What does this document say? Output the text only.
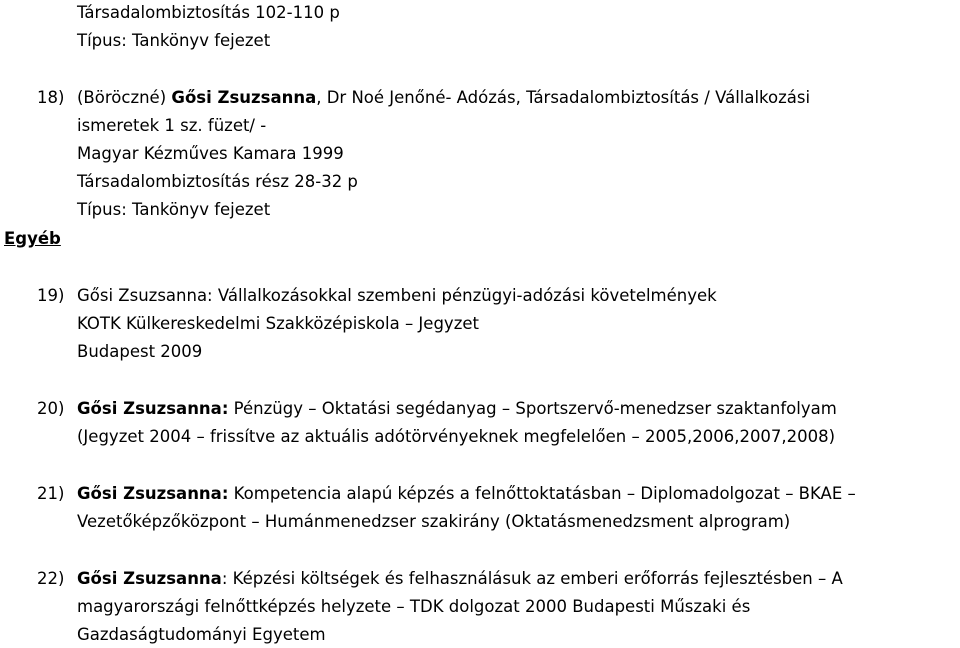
Társadalombiztosítás 102-110 p
Típus: Tankönyv fejezet
18) (Böröczné) Gősi Zsuzsanna, Dr Noé Jenőné- Adózás, Társadalombiztosítás / Vállalkozási
ismeretek 1 sz. füzet/ -
Magyar Kézműves Kamara 1999
Társadalombiztosítás rész 28-32 p
Típus: Tankönyv fejezet
Egyéb
19) Gősi Zsuzsanna: Vállalkozásokkal szembeni pénzügyi-adózási követelmények
KOTK Külkereskedelmi Szakközépiskola – Jegyzet
Budapest 2009
20) Gősi Zsuzsanna: Pénzügy – Oktatási segédanyag – Sportszervő-menedzser szaktanfolyam
(Jegyzet 2004 – frissítve az aktuális adótörvényeknek megfelelően – 2005,2006,2007,2008)
21) Gősi Zsuzsanna: Kompetencia alapú képzés a felnőttoktatásban – Diplomadolgozat – BKAE –
Vezetőképzőközpont – Humánmenedzser szakirány (Oktatásmenedzsment alprogram)
22) Gősi Zsuzsanna: Képzési költségek és felhasználásuk az emberi erőforrás fejlesztésben – A
magyarországi felnőttképzés helyzete – TDK dolgozat 2000 Budapesti Műszaki és
Gazdaságtudományi Egyetem
